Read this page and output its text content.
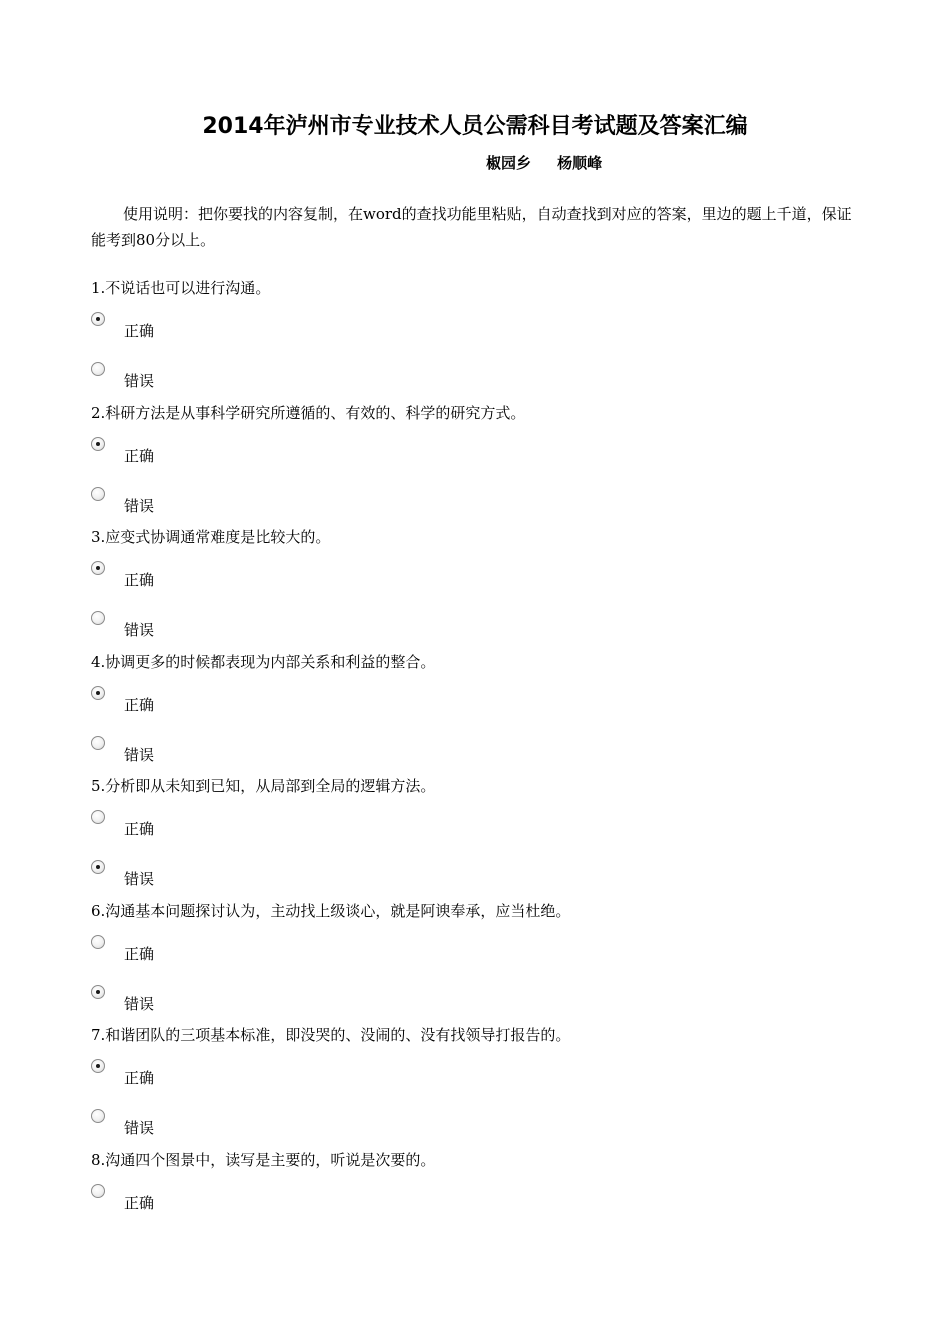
2014年泸州市专业技术人员公需科目考试题及答案汇编
椒园乡     杨顺峰

使用说明：把你要找的内容复制，在word的查找功能里粘贴，自动查找到对应的答案，里边的题上千道，保证能考到80分以上。

1.不说话也可以进行沟通。
正确
错误
2.科研方法是从事科学研究所遵循的、有效的、科学的研究方式。
正确
错误
3.应变式协调通常难度是比较大的。
正确
错误
4.协调更多的时候都表现为内部关系和利益的整合。
正确
错误
5.分析即从未知到已知，从局部到全局的逻辑方法。
正确
错误
6.沟通基本问题探讨认为，主动找上级谈心，就是阿谀奉承，应当杜绝。
正确
错误
7.和谐团队的三项基本标准，即没哭的、没闹的、没有找领导打报告的。
正确
错误
8.沟通四个图景中，读写是主要的，听说是次要的。
正确
